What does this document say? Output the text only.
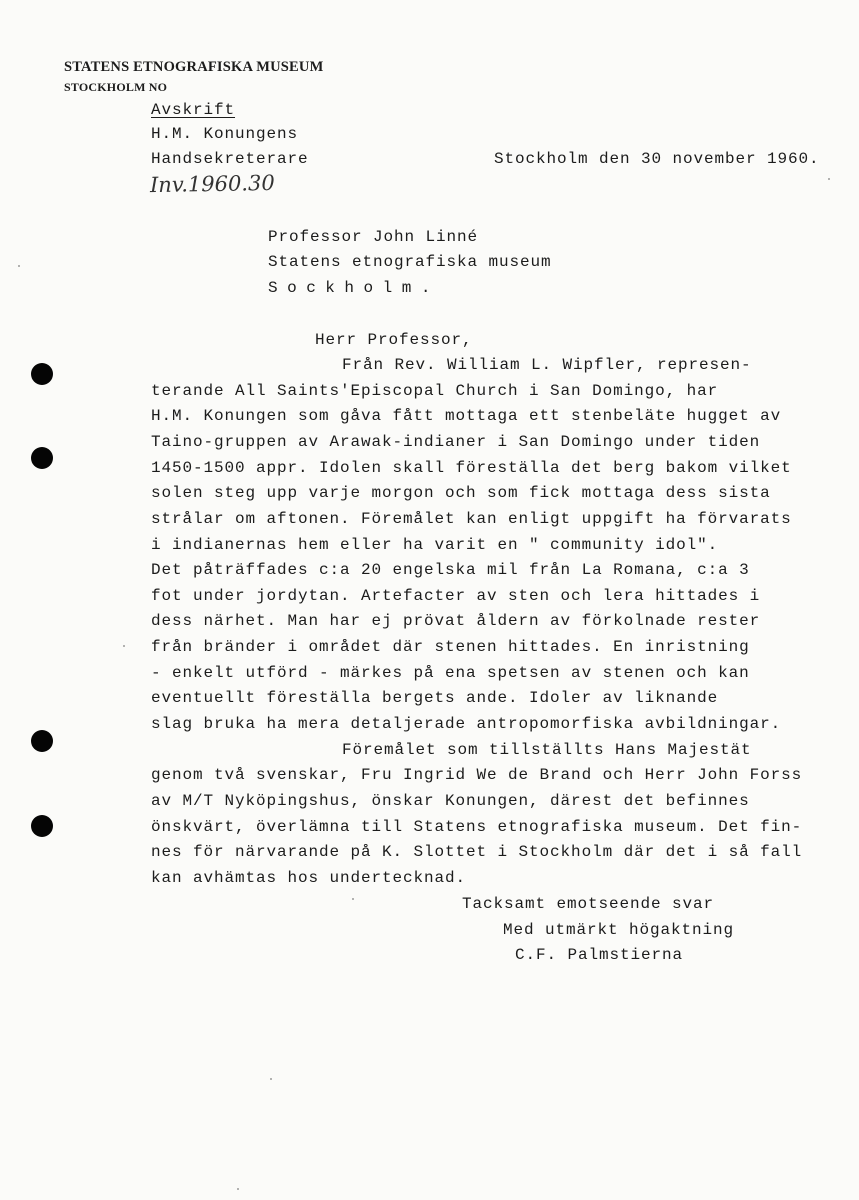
STATENS ETNOGRAFISKA MUSEUM
STOCKHOLM NO
Avskrift
H.M. Konungens
Handsekreterare
Inv.1960.30
Stockholm den 30 november 1960.
Professor John Linné
Statens etnografiska museum
Sockholm.
Herr Professor,
Från Rev. William L. Wipfler, represen-
terande All Saints'Episcopal Church i San Domingo, har
H.M. Konungen som gåva fått mottaga ett stenbeläte hugget av
Taino-gruppen av Arawak-indianer i San Domingo under tiden
1450-1500 appr. Idolen skall föreställa det berg bakom vilket
solen steg upp varje morgon och som fick mottaga dess sista
strålar om aftonen. Föremålet kan enligt uppgift ha förvarats
i indianernas hem eller ha varit en " community idol".
Det påträffades c:a 20 engelska mil från La Romana, c:a 3
fot under jordytan. Artefacter av sten och lera hittades i
dess närhet. Man har ej prövat åldern av förkolnade rester
från bränder i området där stenen hittades. En inristning
- enkelt utförd - märkes på ena spetsen av stenen och kan
eventuellt föreställa bergets ande. Idoler av liknande
slag bruka ha mera detaljerade antropomorfiska avbildningar.
Föremålet som tillställts Hans Majestät
genom två svenskar, Fru Ingrid We de Brand och Herr John Forss
av M/T Nyköpingshus, önskar Konungen, därest det befinnes
önskvärt, överlämna till Statens etnografiska museum. Det fin-
nes för närvarande på K. Slottet i Stockholm där det i så fall
kan avhämtas hos undertecknad.
Tacksamt emotseende svar
Med utmärkt högaktning
C.F. Palmstierna
